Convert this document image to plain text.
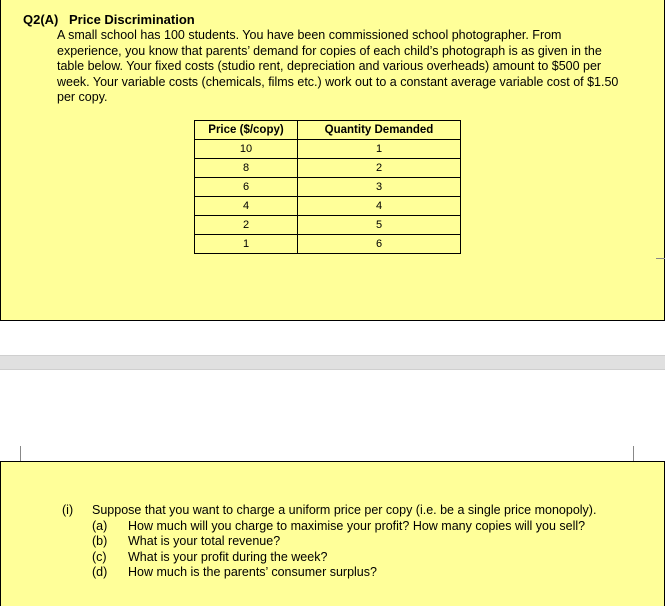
Q2(A) Price Discrimination
A small school has 100 students. You have been commissioned school photographer. From experience, you know that parents’ demand for copies of each child’s photograph is as given in the table below. Your fixed costs (studio rent, depreciation and various overheads) amount to $500 per week. Your variable costs (chemicals, films etc.) work out to a constant average variable cost of $1.50 per copy.
Price ($/copy)	Quantity Demanded
10	1
8	2
6	3
4	4
2	5
1	6
(i) Suppose that you want to charge a uniform price per copy (i.e. be a single price monopoly).
(a) How much will you charge to maximise your profit? How many copies will you sell?
(b) What is your total revenue?
(c) What is your profit during the week?
(d) How much is the parents’ consumer surplus?
